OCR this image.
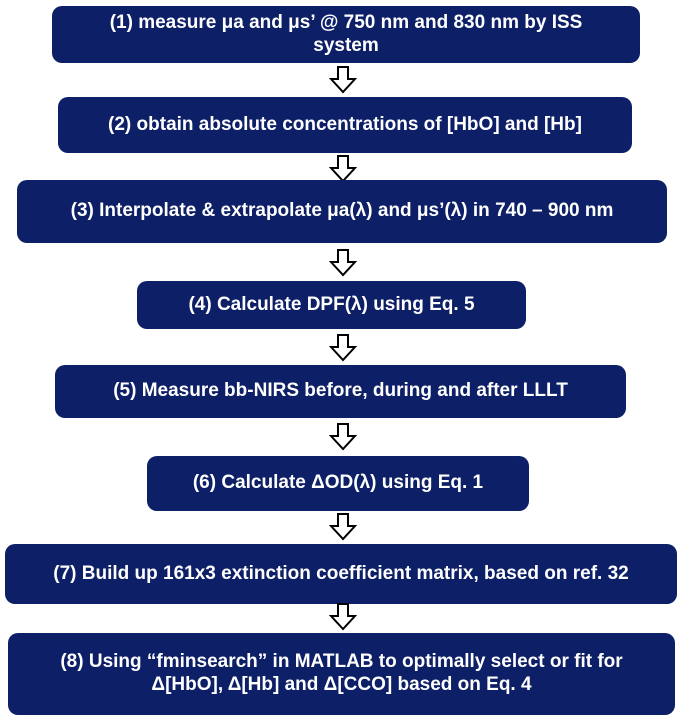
(1) measure μa and μs’ @ 750 nm and 830 nm by ISS system
(2) obtain absolute concentrations of [HbO] and [Hb]
(3) Interpolate & extrapolate μa(λ) and μs’(λ) in 740 – 900 nm
(4) Calculate DPF(λ) using Eq. 5
(5) Measure bb-NIRS before, during and after LLLT
(6) Calculate ΔOD(λ) using Eq. 1
(7) Build up 161x3 extinction coefficient matrix, based on ref. 32
(8) Using “fminsearch” in MATLAB to optimally select or fit for Δ[HbO], Δ[Hb] and Δ[CCO] based on Eq. 4
